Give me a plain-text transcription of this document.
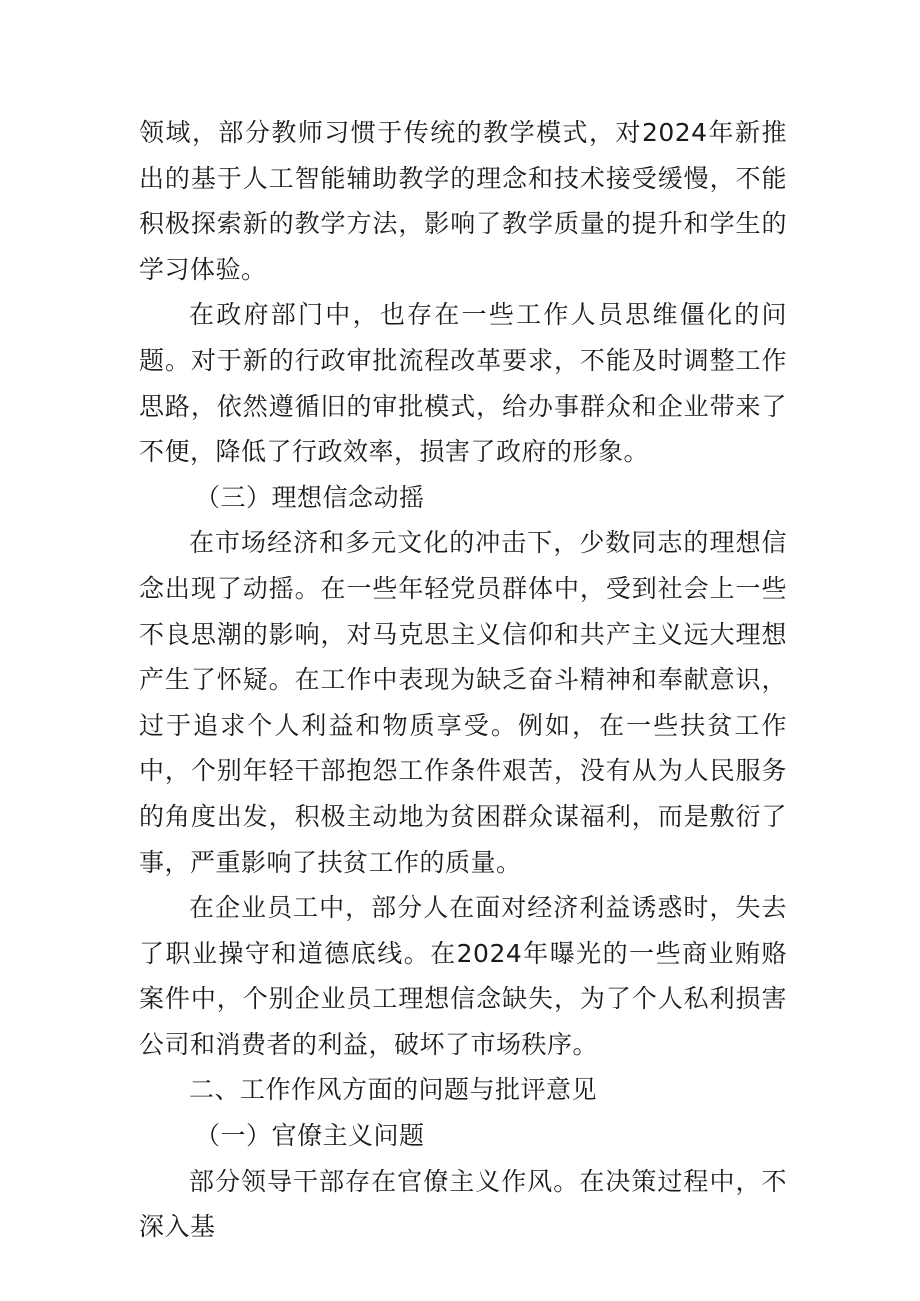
领域，部分教师习惯于传统的教学模式，对2024年新推出的基于人工智能辅助教学的理念和技术接受缓慢，不能积极探索新的教学方法，影响了教学质量的提升和学生的学习体验。

在政府部门中，也存在一些工作人员思维僵化的问题。对于新的行政审批流程改革要求，不能及时调整工作思路，依然遵循旧的审批模式，给办事群众和企业带来了不便，降低了行政效率，损害了政府的形象。

（三）理想信念动摇

在市场经济和多元文化的冲击下，少数同志的理想信念出现了动摇。在一些年轻党员群体中，受到社会上一些不良思潮的影响，对马克思主义信仰和共产主义远大理想产生了怀疑。在工作中表现为缺乏奋斗精神和奉献意识，过于追求个人利益和物质享受。例如，在一些扶贫工作中，个别年轻干部抱怨工作条件艰苦，没有从为人民服务的角度出发，积极主动地为贫困群众谋福利，而是敷衍了事，严重影响了扶贫工作的质量。

在企业员工中，部分人在面对经济利益诱惑时，失去了职业操守和道德底线。在2024年曝光的一些商业贿赂案件中，个别企业员工理想信念缺失，为了个人私利损害公司和消费者的利益，破坏了市场秩序。

二、工作作风方面的问题与批评意见

（一）官僚主义问题

部分领导干部存在官僚主义作风。在决策过程中，不深入基
